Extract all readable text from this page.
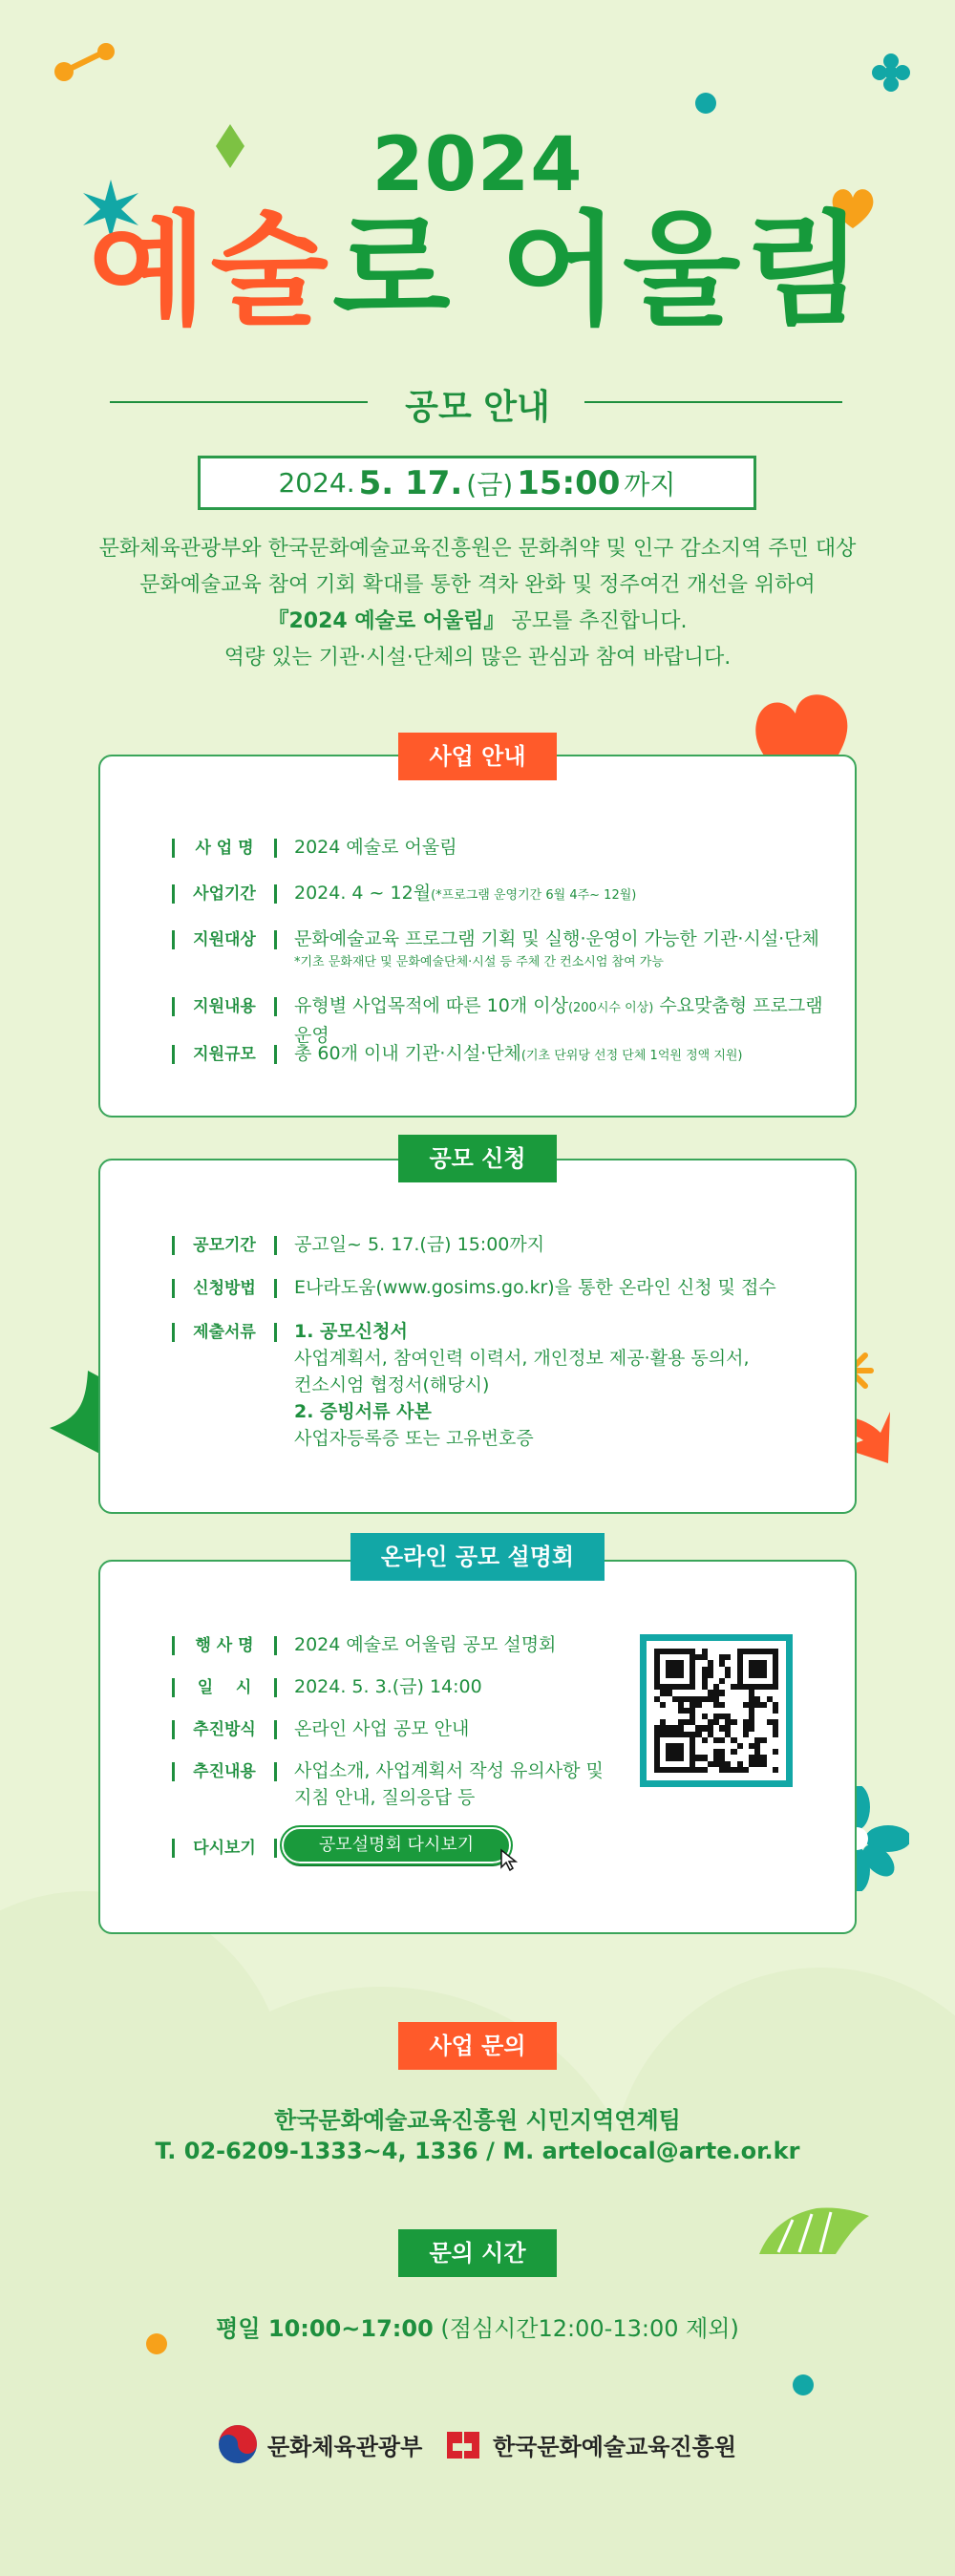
2024
예술로 어울림
공모 안내
2024. 5. 17. (금) 15:00 까지
문화체육관광부와 한국문화예술교육진흥원은 문화취약 및 인구 감소지역 주민 대상
문화예술교육 참여 기회 확대를 통한 격차 완화 및 정주여건 개선을 위하여
『2024 예술로 어울림』 공모를 추진합니다.
역량 있는 기관·시설·단체의 많은 관심과 참여 바랍니다.
사 업 명	2024 예술로 어울림
사업기간	2024. 4 ~ 12월(*프로그램 운영기간 6월 4주~ 12월)
지원대상	문화예술교육 프로그램 기획 및 실행·운영이 가능한 기관·시설·단체
*기초 문화재단 및 문화예술단체·시설 등 주체 간 컨소시엄 참여 가능
지원내용	유형별 사업목적에 따른 10개 이상(200시수 이상) 수요맞춤형 프로그램 운영
지원규모	총 60개 이내 기관·시설·단체(기초 단위당 선정 단체 1억원 정액 지원)
사업 안내
공모기간	공고일~ 5. 17.(금) 15:00까지
신청방법	E나라도움(www.gosims.go.kr)을 통한 온라인 신청 및 접수
제출서류	1. 공모신청서
사업계획서, 참여인력 이력서, 개인정보 제공·활용 동의서,
컨소시엄 협정서(해당시)
2. 증빙서류 사본
사업자등록증 또는 고유번호증
공모 신청
행 사 명	2024 예술로 어울림 공모 설명회
일    시	2024. 5. 3.(금) 14:00
추진방식	온라인 사업 공모 안내
추진내용	사업소개, 사업계획서 작성 유의사항 및
지침 안내, 질의응답 등
다시보기	공모설명회 다시보기
온라인 공모 설명회
사업 문의
한국문화예술교육진흥원 시민지역연계팀
T. 02-6209-1333~4, 1336 / M. artelocal@arte.or.kr
문의 시간
평일 10:00~17:00 (점심시간12:00-13:00 제외)
문화체육관광부	한국문화예술교육진흥원
